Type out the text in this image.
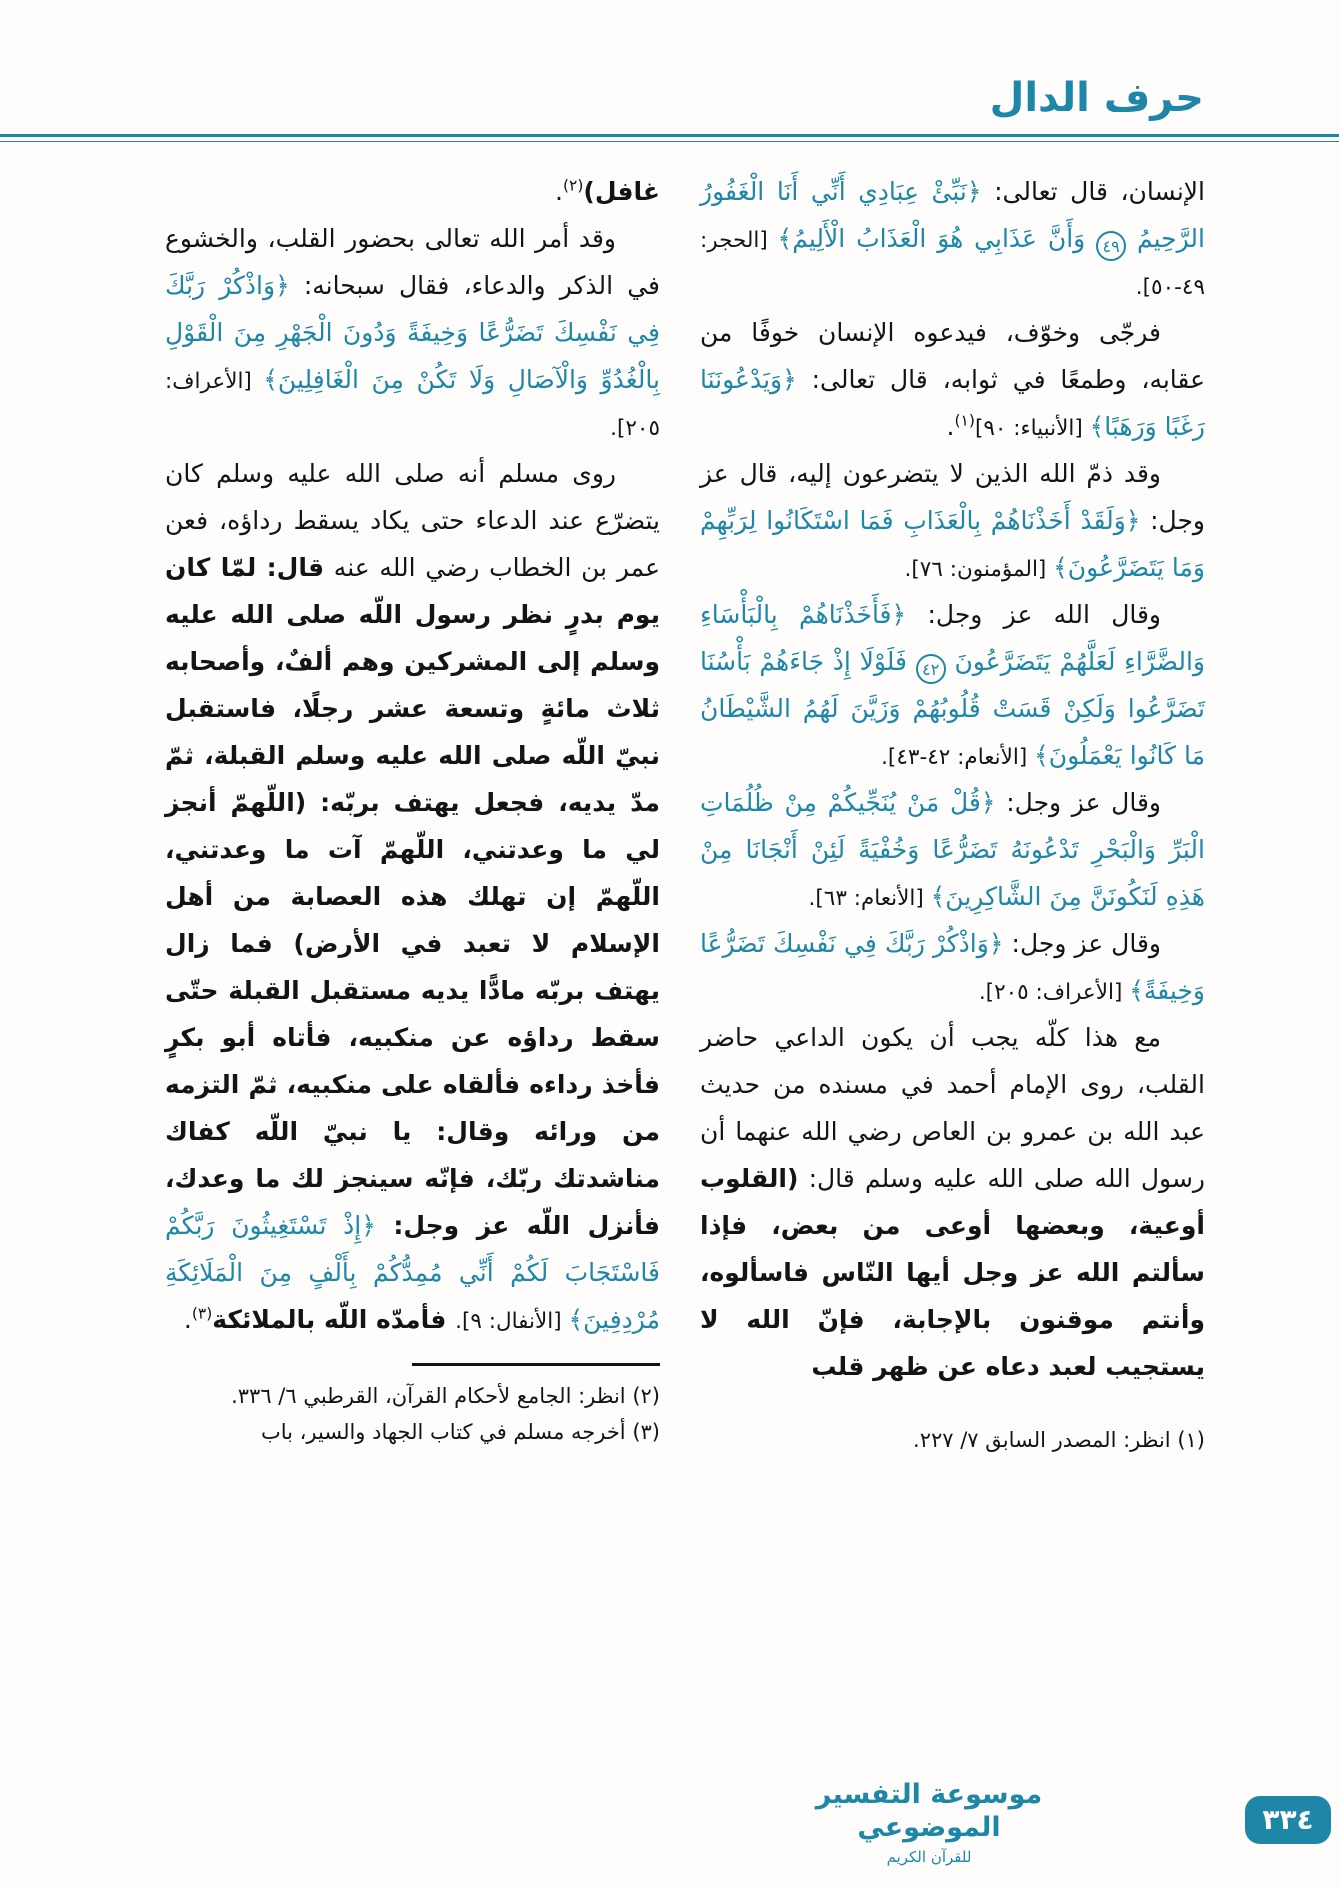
حرف الدال

الإنسان، قال تعالى: ﴿نَبِّئْ عِبَادِي أَنِّي أَنَا الْغَفُورُ الرَّحِيمُ ٤٩ وَأَنَّ عَذَابِي هُوَ الْعَذَابُ الْأَلِيمُ﴾ [الحجر: ٤٩-٥٠].

فرجّى وخوّف، فيدعوه الإنسان خوفًا من عقابه، وطمعًا في ثوابه، قال تعالى: ﴿وَيَدْعُونَنَا رَغَبًا وَرَهَبًا﴾ [الأنبياء: ٩٠]$^{(١)}$.

وقد ذمّ الله الذين لا يتضرعون إليه، قال عز وجل: ﴿وَلَقَدْ أَخَذْنَاهُمْ بِالْعَذَابِ فَمَا اسْتَكَانُوا لِرَبِّهِمْ وَمَا يَتَضَرَّعُونَ﴾ [المؤمنون: ٧٦].

وقال الله عز وجل: ﴿فَأَخَذْنَاهُمْ بِالْبَأْسَاءِ وَالضَّرَّاءِ لَعَلَّهُمْ يَتَضَرَّعُونَ ٤٢ فَلَوْلَا إِذْ جَاءَهُمْ بَأْسُنَا تَضَرَّعُوا وَلَكِنْ قَسَتْ قُلُوبُهُمْ وَزَيَّنَ لَهُمُ الشَّيْطَانُ مَا كَانُوا يَعْمَلُونَ﴾ [الأنعام: ٤٢-٤٣].

وقال عز وجل: ﴿قُلْ مَنْ يُنَجِّيكُمْ مِنْ ظُلُمَاتِ الْبَرِّ وَالْبَحْرِ تَدْعُونَهُ تَضَرُّعًا وَخُفْيَةً لَئِنْ أَنْجَانَا مِنْ هَذِهِ لَنَكُونَنَّ مِنَ الشَّاكِرِينَ﴾ [الأنعام: ٦٣].

وقال عز وجل: ﴿وَاذْكُرْ رَبَّكَ فِي نَفْسِكَ تَضَرُّعًا وَخِيفَةً﴾ [الأعراف: ٢٠٥].

مع هذا كلّه يجب أن يكون الداعي حاضر القلب، روى الإمام أحمد في مسنده من حديث عبد الله بن عمرو بن العاص رضي الله عنهما أن رسول الله صلى الله عليه وسلم قال: (القلوب أوعية، وبعضها أوعى من بعض، فإذا سألتم الله عز وجل أيها النّاس فاسألوه، وأنتم موقنون بالإجابة، فإنّ الله لا يستجيب لعبد دعاه عن ظهر قلب

(١) انظر: المصدر السابق ٧/ ٢٢٧.

غافل)$^{(٢)}$.

وقد أمر الله تعالى بحضور القلب، والخشوع في الذكر والدعاء، فقال سبحانه: ﴿وَاذْكُرْ رَبَّكَ فِي نَفْسِكَ تَضَرُّعًا وَخِيفَةً وَدُونَ الْجَهْرِ مِنَ الْقَوْلِ بِالْغُدُوِّ وَالْآصَالِ وَلَا تَكُنْ مِنَ الْغَافِلِينَ﴾ [الأعراف: ٢٠٥].

روى مسلم أنه صلى الله عليه وسلم كان يتضرّع عند الدعاء حتى يكاد يسقط رداؤه، فعن عمر بن الخطاب رضي الله عنه قال: لمّا كان يوم بدرٍ نظر رسول اللّه صلى الله عليه وسلم إلى المشركين وهم ألفٌ، وأصحابه ثلاث مائةٍ وتسعة عشر رجلًا، فاستقبل نبيّ اللّه صلى الله عليه وسلم القبلة، ثمّ مدّ يديه، فجعل يهتف بربّه: (اللّهمّ أنجز لي ما وعدتني، اللّهمّ آت ما وعدتني، اللّهمّ إن تهلك هذه العصابة من أهل الإسلام لا تعبد في الأرض) فما زال يهتف بربّه مادًّا يديه مستقبل القبلة حتّى سقط رداؤه عن منكبيه، فأتاه أبو بكرٍ فأخذ رداءه فألقاه على منكبيه، ثمّ التزمه من ورائه وقال: يا نبيّ اللّه كفاك مناشدتك ربّك، فإنّه سينجز لك ما وعدك، فأنزل اللّه عز وجل: ﴿إِذْ تَسْتَغِيثُونَ رَبَّكُمْ فَاسْتَجَابَ لَكُمْ أَنِّي مُمِدُّكُمْ بِأَلْفٍ مِنَ الْمَلَائِكَةِ مُرْدِفِينَ﴾ [الأنفال: ٩]. فأمدّه اللّه بالملائكة$^{(٣)}$.

(٢) انظر: الجامع لأحكام القرآن، القرطبي ٦/ ٣٣٦.
(٣) أخرجه مسلم في كتاب الجهاد والسير، باب
موسوعة التفسير الموضوعي
للقرآن الكريم
٣٣٤
